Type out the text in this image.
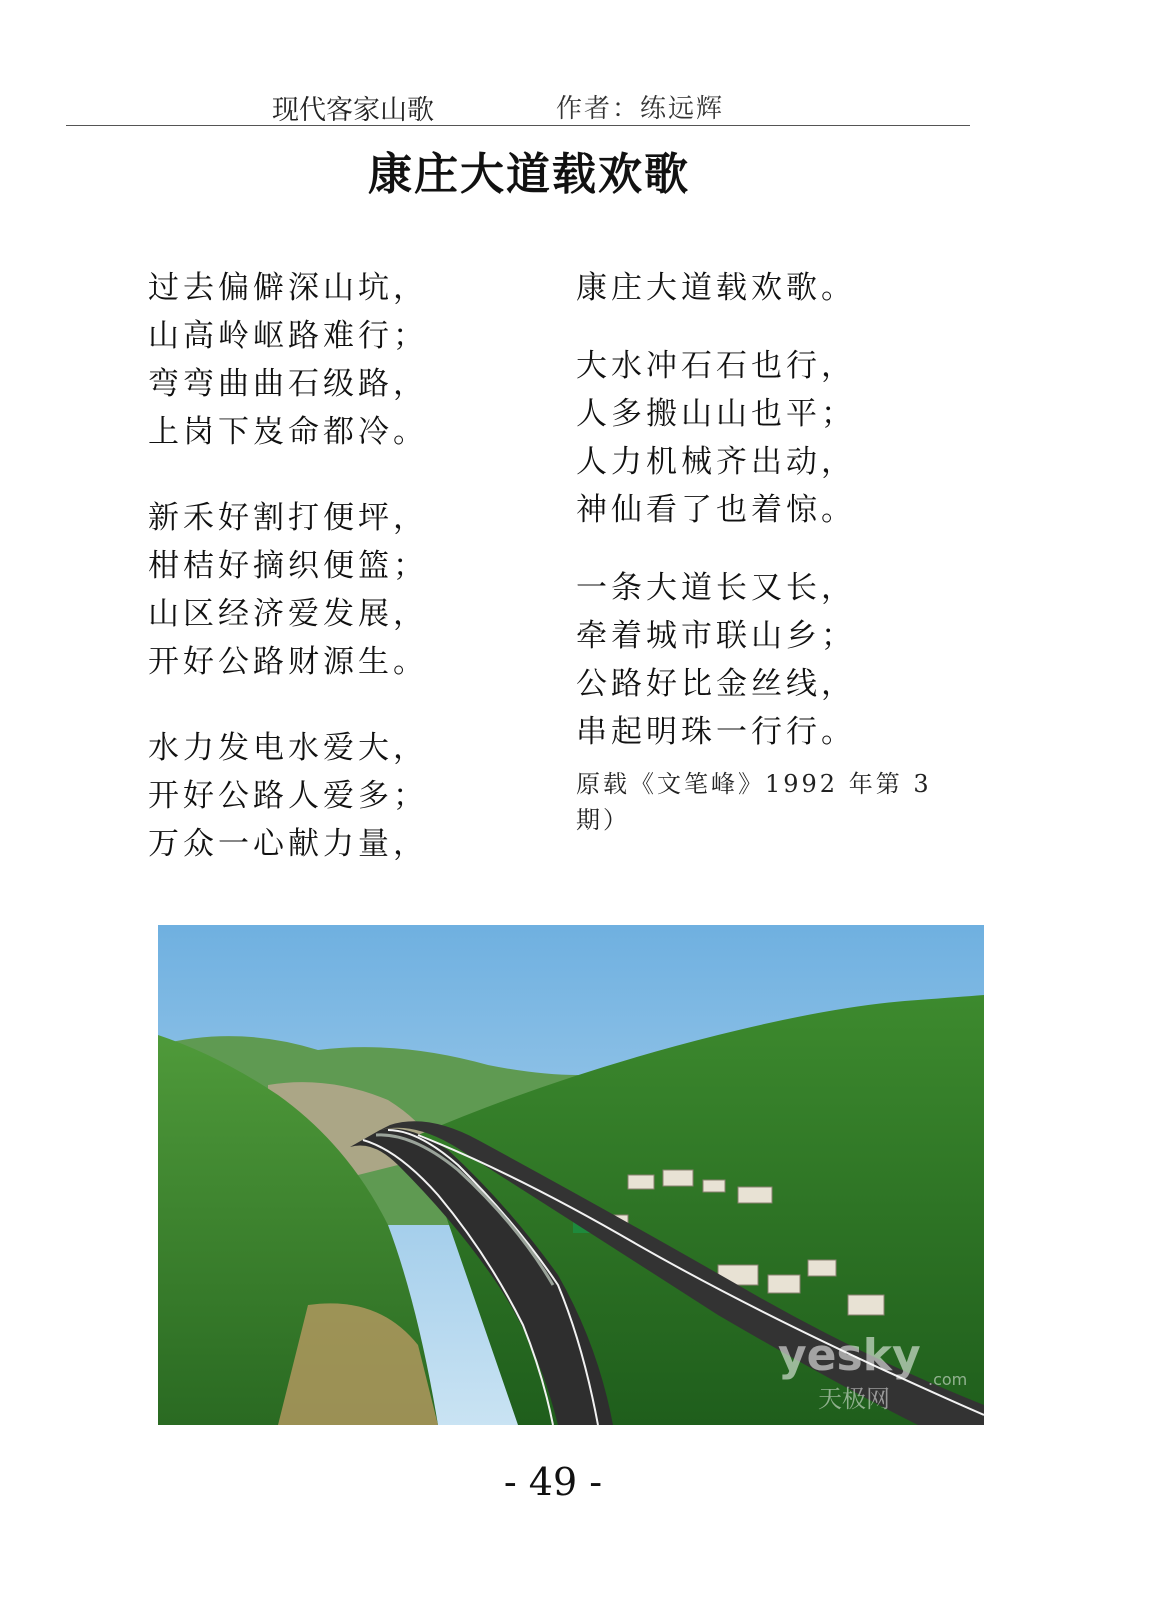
现代客家山歌	作者：练远辉
康庄大道载欢歌
过去偏僻深山坑，
山高岭岖路难行；
弯弯曲曲石级路，
上岗下岌命都冷。
新禾好割打便坪，
柑桔好摘织便篮；
山区经济爱发展，
开好公路财源生。
水力发电水爱大，
开好公路人爱多；
万众一心献力量，
康庄大道载欢歌。
大水冲石石也行，
人多搬山山也平；
人力机械齐出动，
神仙看了也着惊。
一条大道长又长，
牵着城市联山乡；
公路好比金丝线，
串起明珠一行行。
原载《文笔峰》1992 年第 3 期）
yesky .com
天极网
- 49 -
